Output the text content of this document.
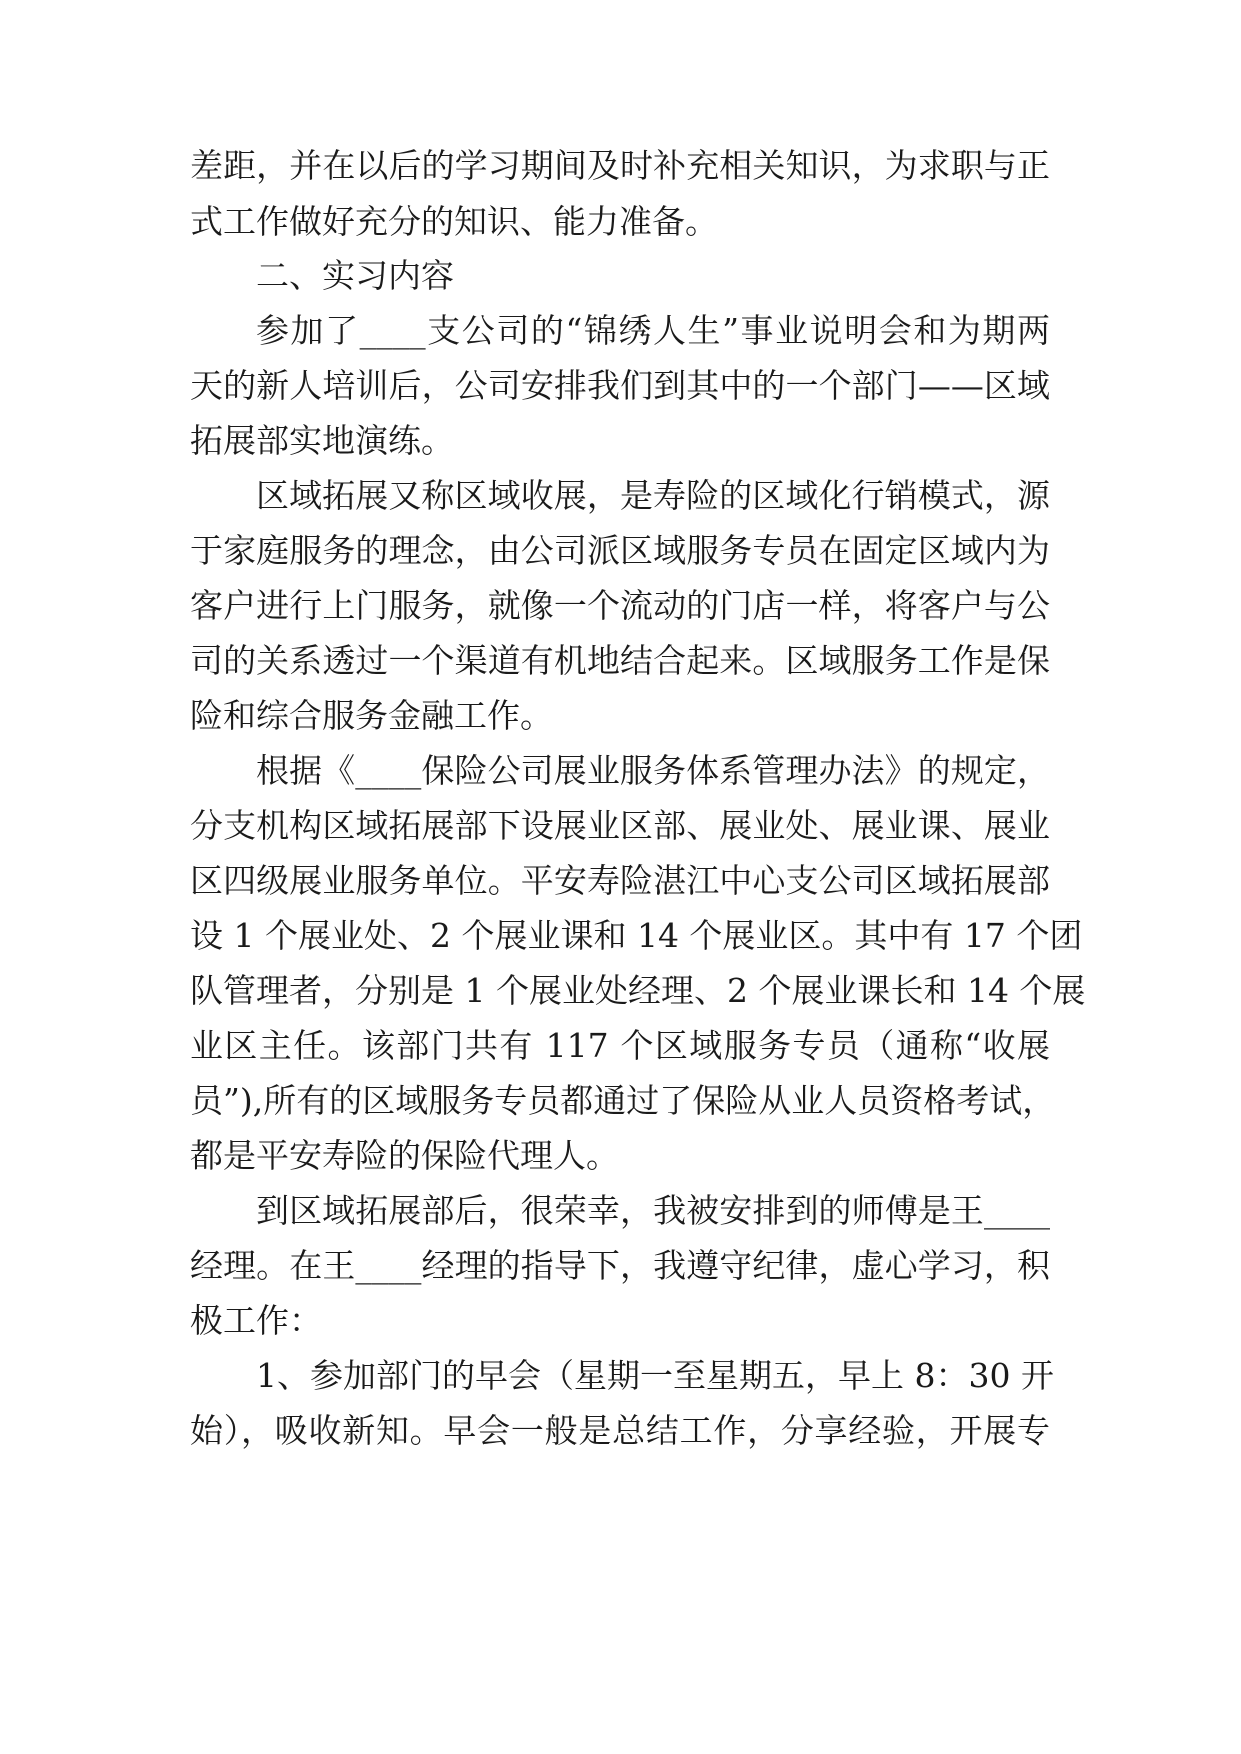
差距，并在以后的学习期间及时补充相关知识，为求职与正
式工作做好充分的知识、能力准备。
二、实习内容
参加了____支公司的“锦绣人生”事业说明会和为期两
天的新人培训后，公司安排我们到其中的一个部门——区域
拓展部实地演练。
区域拓展又称区域收展，是寿险的区域化行销模式，源
于家庭服务的理念，由公司派区域服务专员在固定区域内为
客户进行上门服务，就像一个流动的门店一样，将客户与公
司的关系透过一个渠道有机地结合起来。区域服务工作是保
险和综合服务金融工作。
根据《____保险公司展业服务体系管理办法》的规定，
分支机构区域拓展部下设展业区部、展业处、展业课、展业
区四级展业服务单位。平安寿险湛江中心支公司区域拓展部
设 1 个展业处、2 个展业课和 14 个展业区。其中有 17 个团
队管理者，分别是 1 个展业处经理、2 个展业课长和 14 个展
业区主任。该部门共有 117 个区域服务专员（通称“收展
员”),所有的区域服务专员都通过了保险从业人员资格考试，
都是平安寿险的保险代理人。
到区域拓展部后，很荣幸，我被安排到的师傅是王____
经理。在王____经理的指导下，我遵守纪律，虚心学习，积
极工作：
1、参加部门的早会（星期一至星期五，早上 8：30 开
始），吸收新知。早会一般是总结工作，分享经验，开展专
